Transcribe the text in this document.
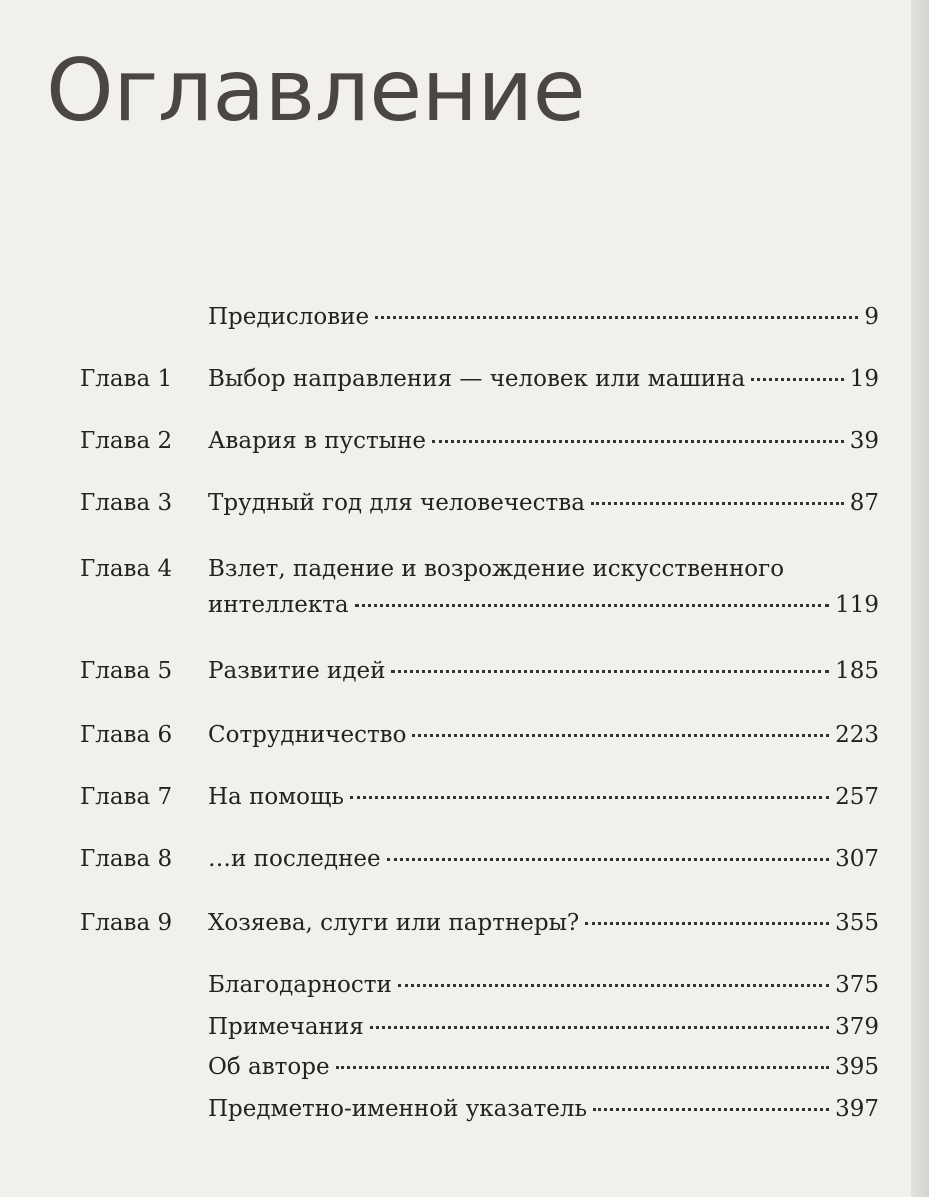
Оглавление
Предисловие	9
Глава 1	Выбор направления — человек или машина	19
Глава 2	Авария в пустыне	39
Глава 3	Трудный год для человечества	87
Глава 4	Взлет, падение и возрождение искусственного
интеллекта	119
Глава 5	Развитие идей	185
Глава 6	Сотрудничество	223
Глава 7	На помощь	257
Глава 8	…и последнее	307
Глава 9	Хозяева, слуги или партнеры?	355
Благодарности	375
Примечания	379
Об авторе	395
Предметно-именной указатель	397
